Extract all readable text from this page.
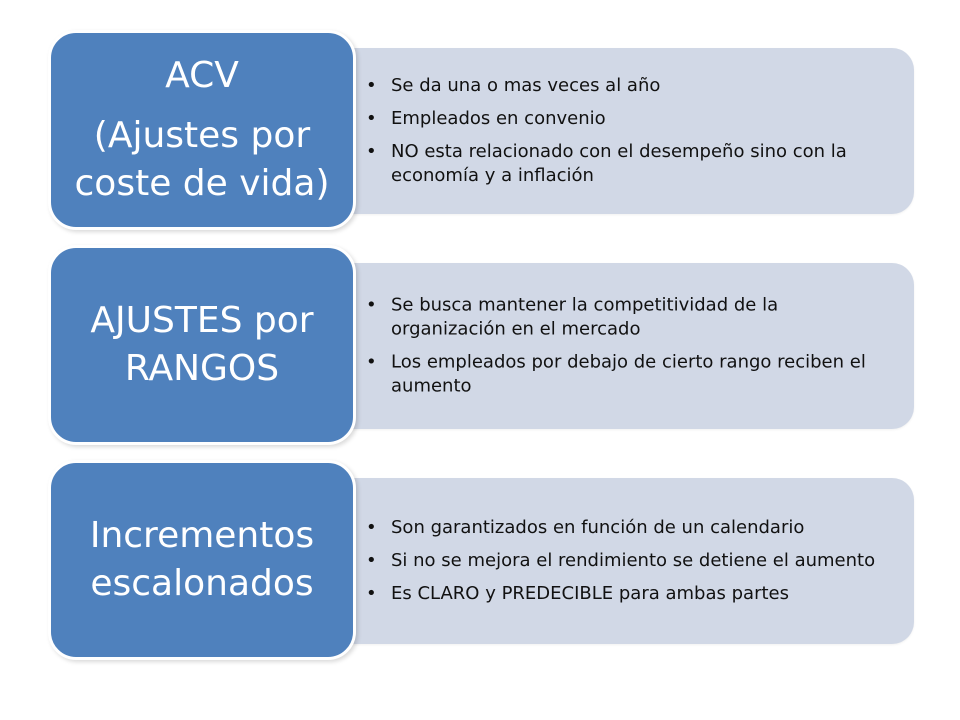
• Se da una o mas veces al año
• Empleados en convenio
• NO esta relacionado con el desempeño sino con la economía y a inflación
ACV
(Ajustes por
coste de vida)
• Se busca mantener la competitividad de la organización en el mercado
• Los empleados por debajo de cierto rango reciben el aumento
AJUSTES por
RANGOS
• Son garantizados en función de un calendario
• Si no se mejora el rendimiento se detiene el aumento
• Es CLARO y PREDECIBLE para ambas partes
Incrementos
escalonados
